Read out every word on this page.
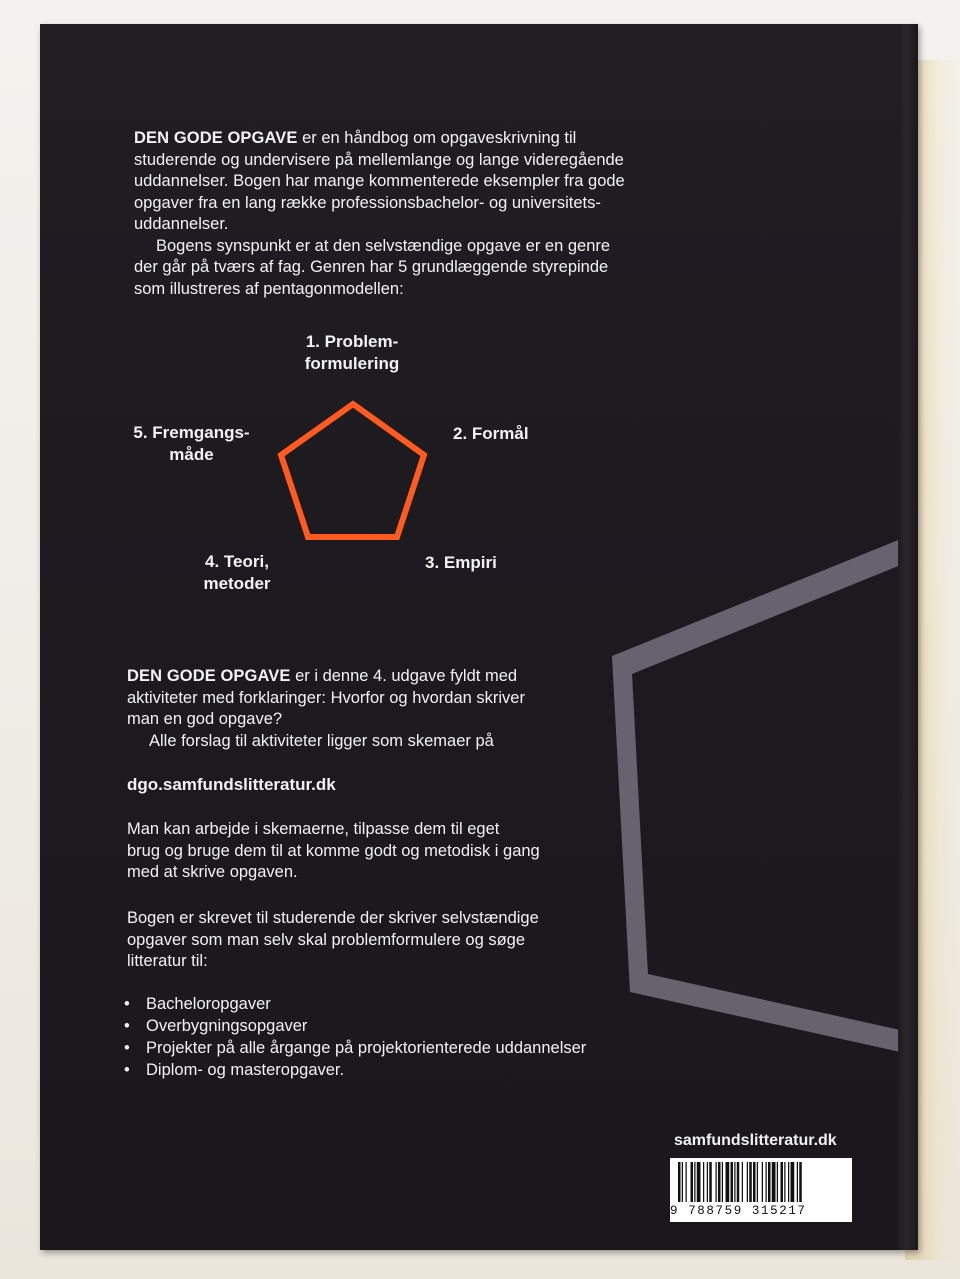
DEN GODE OPGAVE er en håndbog om opgaveskrivning til
studerende og undervisere på mellemlange og lange videregående
uddannelser. Bogen har mange kommenterede eksempler fra gode
opgaver fra en lang række professionsbachelor- og universitets-
uddannelser.
Bogens synspunkt er at den selvstændige opgave er en genre
der går på tværs af fag. Genren har 5 grundlæggende styrepinde
som illustreres af pentagonmodellen:

1. Problem-
formulering
2. Formål
3. Empiri
4. Teori,
metoder
5. Fremgangs-
måde

DEN GODE OPGAVE er i denne 4. udgave fyldt med
aktiviteter med forklaringer: Hvorfor og hvordan skriver
man en god opgave?
Alle forslag til aktiviteter ligger som skemaer på

dgo.samfundslitteratur.dk

Man kan arbejde i skemaerne, tilpasse dem til eget
brug og bruge dem til at komme godt og metodisk i gang
med at skrive opgaven.

Bogen er skrevet til studerende der skriver selvstændige
opgaver som man selv skal problemformulere og søge
litteratur til:

• Bacheloropgaver
• Overbygningsopgaver
• Projekter på alle årgange på projektorienterede uddannelser
• Diplom- og masteropgaver.

samfundslitteratur.dk

9 788759 315217
